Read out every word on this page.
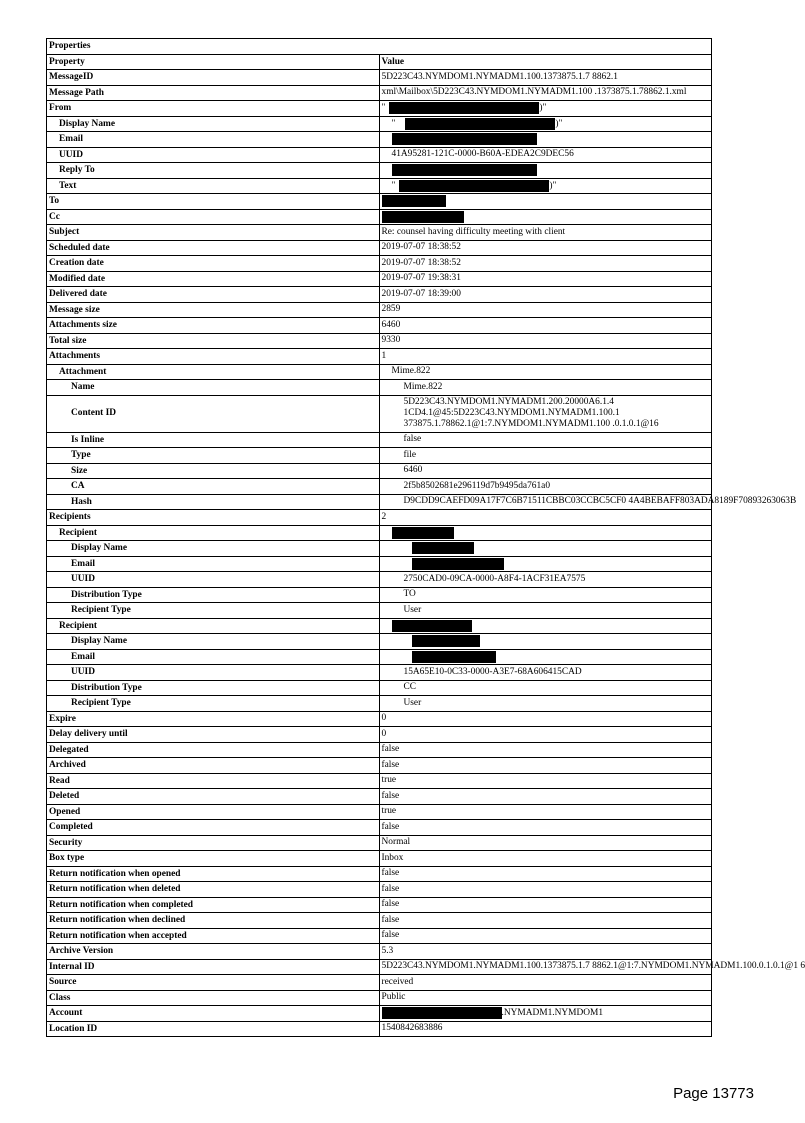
Properties	
Property	Value
MessageID	5D223C43.NYMDOM1.NYMADM1.100.1373875.1.7 8862.1
Message Path	xml\Mailbox\5D223C43.NYMDOM1.NYMADM1.100 .1373875.1.78862.1.xml
From	" )"
Display Name	" )"
Email	
UUID	41A95281-121C-0000-B60A-EDEA2C9DEC56
Reply To	
Text	" )"
To	
Cc	
Subject	Re: counsel having difficulty meeting with client
Scheduled date	2019-07-07 18:38:52
Creation date	2019-07-07 18:38:52
Modified date	2019-07-07 19:38:31
Delivered date	2019-07-07 18:39:00
Message size	2859
Attachments size	6460
Total size	9330
Attachments	1
Attachment	Mime.822
Name	Mime.822
Content ID	5D223C43.NYMDOM1.NYMADM1.200.20000A6.1.4 1CD4.1@45:5D223C43.NYMDOM1.NYMADM1.100.1 373875.1.78862.1@1:7.NYMDOM1.NYMADM1.100 .0.1.0.1@16
Is Inline	false
Type	file
Size	6460
CA	2f5b8502681e296119d7b9495da761a0
Hash	D9CDD9CAEFD09A17F7C6B71511CBBC03CCBC5CF0 4A4BEBAFF803ADA8189F70893263063B
Recipients	2
Recipient	
Display Name	
Email	
UUID	2750CAD0-09CA-0000-A8F4-1ACF31EA7575
Distribution Type	TO
Recipient Type	User
Recipient	
Display Name	
Email	
UUID	15A65E10-0C33-0000-A3E7-68A606415CAD
Distribution Type	CC
Recipient Type	User
Expire	0
Delay delivery until	0
Delegated	false
Archived	false
Read	true
Deleted	false
Opened	true
Completed	false
Security	Normal
Box type	Inbox
Return notification when opened	false
Return notification when deleted	false
Return notification when completed	false
Return notification when declined	false
Return notification when accepted	false
Archive Version	5.3
Internal ID	5D223C43.NYMDOM1.NYMADM1.100.1373875.1.7 8862.1@1:7.NYMDOM1.NYMADM1.100.0.1.0.1@1 6
Source	received
Class	Public
Account	.NYMADM1.NYMDOM1
Location ID	1540842683886
Page 13773
